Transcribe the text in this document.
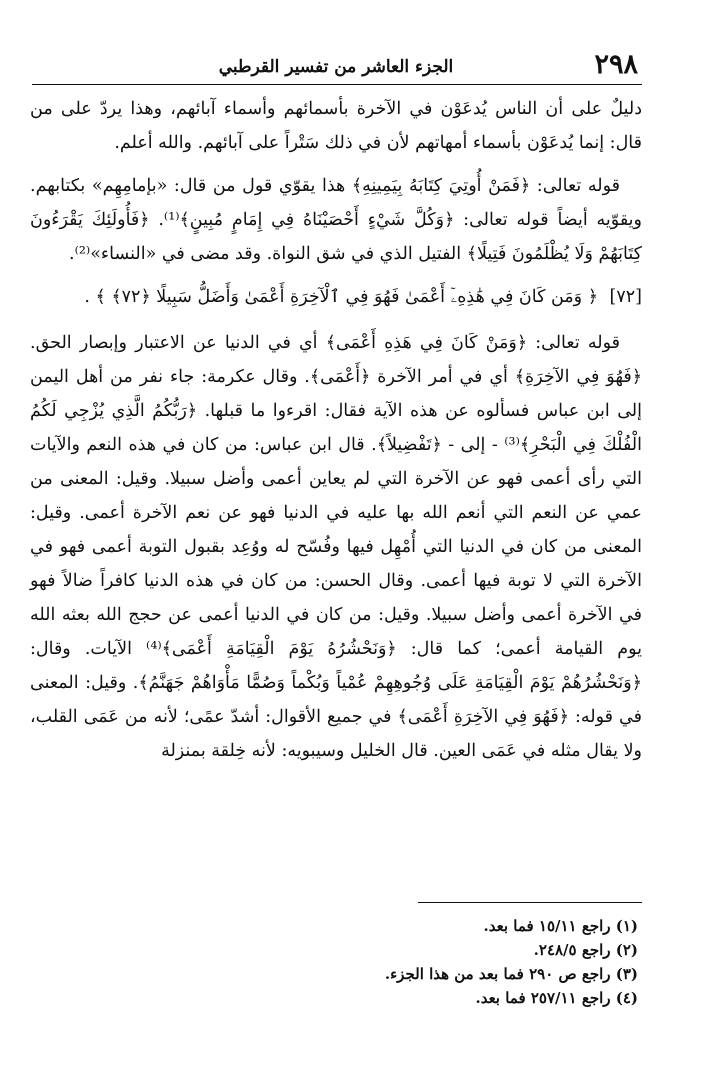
٢٩٨
الجزء العاشر من تفسير القرطبي

دليلٌ على أن الناس يُدعَوْن في الآخرة بأسمائهم وأسماء آبائهم، وهذا يردّ على من قال: إنما يُدعَوْن بأسماء أمهاتهم لأن في ذلك سَتْراً على آبائهم. والله أعلم.

قوله تعالى: ﴿فَمَنْ أُوتِيَ كِتَابَهُ بِيَمِينِهِ﴾ هذا يقوّي قول من قال: «بإمامِهِم» بكتابهم. ويقوّيه أيضاً قوله تعالى: ﴿وَكُلَّ شَيْءٍ أَحْصَيْنَاهُ فِي إِمَامٍ مُبِينٍ﴾⁽¹⁾. ﴿فَأُولَئِكَ يَقْرَءُونَ كِتَابَهُمْ وَلَا يُظْلَمُونَ فَتِيلًا﴾ الفتيل الذي في شق النواة. وقد مضى في «النساء»⁽²⁾.

[٧٢] ﴿ وَمَن كَانَ فِي هَٰذِهِۦٓ أَعْمَىٰ فَهُوَ فِي ٱلْآخِرَةِ أَعْمَىٰ وَأَضَلُّ سَبِيلًا ﴿٧٢﴾ ﴾ .

قوله تعالى: ﴿وَمَنْ كَانَ فِي هَذِهِ أَعْمَى﴾ أي في الدنيا عن الاعتبار وإبصار الحق. ﴿فَهُوَ فِي الآخِرَةِ﴾ أي في أمر الآخرة ﴿أَعْمَى﴾. وقال عكرمة: جاء نفر من أهل اليمن إلى ابن عباس فسألوه عن هذه الآية فقال: اقرءوا ما قبلها. ﴿رَبُّكُمُ الَّذِي يُزْجِي لَكُمُ الْفُلْكَ فِي الْبَحْرِ﴾⁽³⁾ - إلى - ﴿تَفْضِيلاً﴾. قال ابن عباس: من كان في هذه النعم والآيات التي رأى أعمى فهو عن الآخرة التي لم يعاين أعمى وأضل سبيلا. وقيل: المعنى من عمي عن النعم التي أنعم الله بها عليه في الدنيا فهو عن نعم الآخرة أعمى. وقيل: المعنى من كان في الدنيا التي أُمْهِل فيها وفُسّح له ووُعِد بقبول التوبة أعمى فهو في الآخرة التي لا توبة فيها أعمى. وقال الحسن: من كان في هذه الدنيا كافراً ضالاً فهو في الآخرة أعمى وأضل سبيلا. وقيل: من كان في الدنيا أعمى عن حجج الله بعثه الله يوم القيامة أعمى؛ كما قال: ﴿وَنَحْشُرُهُ يَوْمَ الْقِيَامَةِ أَعْمَى﴾⁽⁴⁾ الآيات. وقال: ﴿وَنَحْشُرُهُمْ يَوْمَ الْقِيَامَةِ عَلَى وُجُوهِهِمْ عُمْياً وَبُكْماً وَصُمًّا مَأْوَاهُمْ جَهَنَّمُ﴾. وقيل: المعنى في قوله: ﴿فَهُوَ فِي الآخِرَةِ أَعْمَى﴾ في جميع الأقوال: أشدّ عمًى؛ لأنه من عَمَى القلب، ولا يقال مثله في عَمَى العين. قال الخليل وسيبويه: لأنه خِلقة بمنزلة

(١) راجع ١٥/١١ فما بعد.

(٢) راجع ٢٤٨/٥.

(٣) راجع ص ٢٩٠ فما بعد من هذا الجزء.

(٤) راجع ٢٥٧/١١ فما بعد.
